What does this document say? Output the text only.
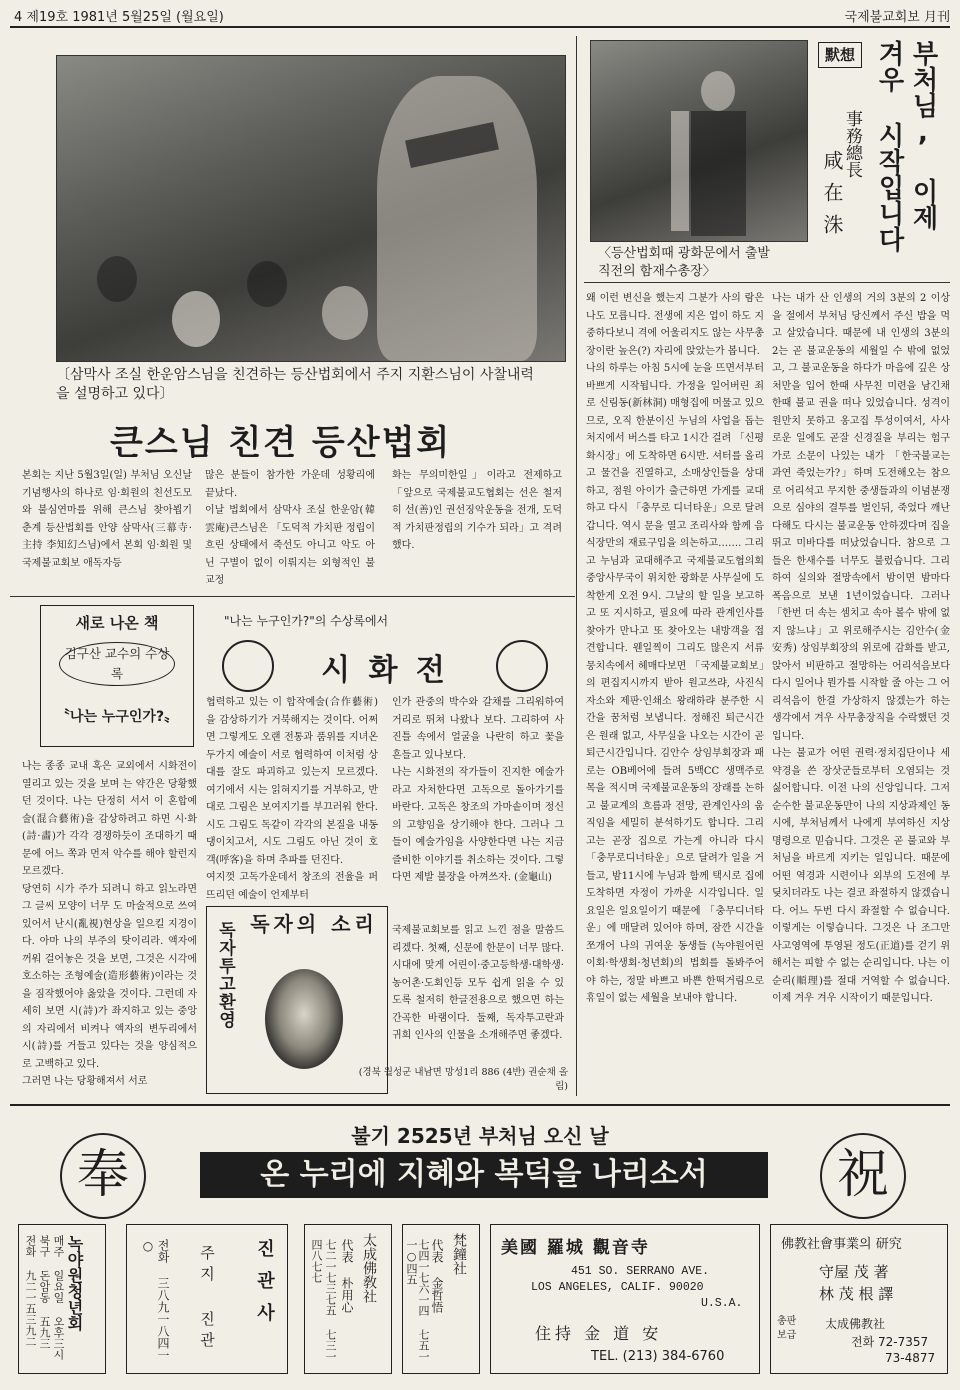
4 제19호 1981년 5월25일 (월요일)	국제불교회보 月刊
〔삼막사 조실 한운암스님을 친견하는 등산법회에서 주지 지환스님이 사찰내력을 설명하고 있다〕
큰스님 친견 등산법회
본회는 지난 5월3일(일) 부처님 오신날 기념행사의 하나로 임·회원의 친선도모와 불심연마를 위해 큰스님 찾아뵙기 춘계 등산법회를 안양 삼막사(三幕寺·主持 李知幻스님)에서 본회 임·회원 및 국제불교회보 애독자등
많은 분들이 참가한 가운데 성황리에 끝났다.
이날 법회에서 삼막사 조실 한운암(韓雲庵)큰스님은 「도덕적 가치판 정립이 흐린 상태에서 죽선도 아니고 악도 아닌 구별이 없이 이뤄지는 외형적인 불교정
화는 무의미한일」이라고 전제하고 「앞으로 국제불교도협회는 선은 철저히 선(善)인 권선징악운동을 전개, 도덕적 가치판정립의 기수가 되라」고 격려했다.
〈등산법회때 광화문에서 출발직전의 함재수총장〉
默想	부처님, 이제 겨우 시작입니다
事務總長
咸在洙
왜 이런 변신을 했는지 그분가 사의 람은 나도 모릅니다. 전생에 지은 업이 하도 지중하다보니 격에 어울리지도 않는 사무총장이란 높은(?) 자리에 앉았는가 봅니다.
나의 하루는 아침 5시에 눈을 뜨면서부터 바쁘게 시작됩니다. 가정을 일어버린 죄로 신림동(新林洞) 매형집에 머물고 있으므로, 오직 한분이신 누님의 사업을 돕는 처지에서 버스를 타고 1시간 걸려 「신평화시장」에 도착하면 6시반. 셔터를 올리고 물건을 진열하고, 소매상인들을 상대하고, 점원 아이가 출근하면 가게를 교대하고 다시 「충무로 디너타운」으로 달려갑니다. 역시 문을 열고 조리사와 함께 음식장만의 재료구입을 의논하고……. 그리고 누님과 교대해주고 국제불교도협의회 중앙사무국이 위치한 광화문 사무실에 도착한게 오전 9시. 그날의 할 일을 보고하고 또 지시하고, 필요에 따라 관계인사를 찾아가 만나고 또 찾아오는 내방객을 접견합니다. 웬일찍이 그리도 많은지 서류뭉치속에서 헤매다보면 「국제불교회보」의 편집지시까지 받아 원고쓰랴, 사진식자소와 제판·인쇄소 왕래하랴 분주한 시간을 꿈처럼 보냅니다. 정해진 퇴근시간은 원래 없고, 사무실을 나오는 시간이 곧 퇴근시간입니다. 김안수 상임부회장과 패로는 OB베어에 들려 5백CC 생맥주로 목을 적시며 국제불교운동의 장래를 논하고 불교계의 흐름과 전망, 관계인사의 움직임을 세밀히 분석하기도 합니다. 그리고는 곧장 집으로 가는게 아니라 다시 「충무로디너타운」으로 달려가 일을 거들고, 밤11시에 누님과 함께 택시로 집에 도착하면 자정이 가까운 시각입니다. 일요일은 일요일이기 때문에 「충무디너타운」에 매달려 있어야 하며, 잠깐 시간을 쪼개어 나의 귀여운 동생들 (녹야원어린이회·학생회·청년회)의 법회를 돌봐주어야 하는, 정말 바쁘고 바쁜 한떡거림으로 휴일이 없는 세월을 보내야 합니다.
나는 내가 산 인생의 거의 3분의 2 이상을 절에서 부처님 당신께서 주신 밥을 먹고 살았습니다. 때문에 내 인생의 3분의 2는 곧 불교운동의 세월일 수 밖에 없었고, 그 불교운동을 하다가 마음에 깊은 상처만을 입어 한때 사무친 미련을 남긴채 한때 불교 권을 떠나 있었습니다. 성격이원만치 못하고 옹고집 투성이여서, 사사로운 일에도 곧잘 신경질을 부리는 험구가로 소문이 나있는 내가 「한국불교는 과연 죽었는가?」하며 도전해오는 참으로 어리석고 무지한 중생들과의 이념분쟁으로 심야의 결투를 벌인뒤, 죽었다 깨난다해도 다시는 불교운동 안하겠다며 집을 뛰고 미바다를 떠났었습니다. 참으로 그들은 한새수를 너무도 불렀습니다. 그리하여 실의와 절망속에서 밤이면 밤마다 폭음으로 보낸 1년이었습니다. 그러나 「한번 더 속는 셈치고 속아 볼수 밖에 없지 않느냐」고 위로해주시는 김안수(金安秀) 상임부회장의 위로에 감화를 받고, 앉아서 비판하고 절망하는 어리석음보다 다시 일어나 뭔가를 시작할 줄 아는 그 어리석음이 한결 가상하지 않겠는가 하는 생각에서 겨우 사무총장직을 수락했던 것입니다.
나는 불교가 어떤 권력·정치집단이나 세약경을 쓴 장삿군들로부터 오염되는 것 싫어합니다. 이전 나의 신앙입니다. 그저 순수한 불교운동만이 나의 지상과제인 동시에, 부처님께서 나에게 부여하신 지상명령으로 믿습니다. 그것은 곧 불교와 부처님을 바르게 지키는 일입니다. 때문에 어떤 역경과 시련이나 외부의 도전에 부딪치더라도 나는 결코 좌절하지 않겠습니다. 어느 두번 다시 좌절할 수 없습니다. 이렇게는 이렇습니다. 그것은 나 조그만 사고영역에 투영된 정도(正道)를 걷기 위해서는 피할 수 없는 순리입니다. 나는 이 순리(順理)를 절대 거역할 수 없습니다. 이제 겨우 겨우 시작이기 때문입니다.
새로 나온 책
김구산 교수의 수상록
〝나는 누구인가?〟
나는 종종 교내 혹은 교외에서 시화전이 열리고 있는 것을 보며 는 약간은 당황했던 것이다. 나는 단정히 서서 이 혼합예술(混合藝術)을 감상하려고 하면 시·화(詩·畵)가 각각 경쟁하듯이 조대하기 때문에 어느 쪽과 먼저 악수를 해야 할런지 모르겠다.
당연히 시가 주가 되려니 하고 읽노라면 그 글씨 모양이 너무 도 마술적으로 쓰여 있어서 난시(亂視)현상을 일으킬 지경이다. 아마 나의 부주의 탓이리라. 액자에 꺼워 걸어놓은 것을 보면, 그것은 시각에 호소하는 조형예술(造形藝術)이라는 것을 짐작했어야 옳았을 것이다. 그런데 자세히 보면 시(詩)가 좌지하고 있는 중앙의 자리에서 비켜나 액자의 변두리에서 시(詩)를 거들고 있다는 것을 양심적으로 고백하고 있다.
그러면 나는 당황해져서 서로
"나는 누구인가?"의 수상록에서
시 화 전
협력하고 있는 이 합작예술(合作藝術)을 감상하기가 거북해지는 것이다. 어쩌면 그렇게도 오랜 전통과 품위를 지녀온 두가지 예술이 서로 협력하여 이처럼 상대를 잘도 파괴하고 있는지 모르겠다. 여기에서 시는 읽혀지기를 거부하고, 반대로 그림은 보여지기를 부끄러워 한다. 시도 그림도 독같이 각각의 본질을 내동댕이치고서, 시도 그림도 아닌 것이 호객(呼客)을 하며 추파를 던진다.
여지껏 고독가운데서 창조의 전율을 퍼뜨리던 예술이 언제부터
인가 관중의 박수와 갈채를 그리워하여 거리로 뛰쳐 나왔나 보다. 그리하여 사진틀 속에서 얼굴을 나란히 하고 꽃을 흔들고 있나보다.
나는 시화전의 작가들이 진지한 예술가라고 자처한다면 고독으로 돌아가기를 바란다. 고독은 창조의 가마솥이며 정신의 고향임을 상기해야 한다. 그러나 그들이 예술가임을 사양한다면 나는 지금 즐비한 이야기를 취소하는 것이다. 그렇다면 제발 불장을 아껴쓰자. (金龜山)
독자투고환영 독자의 소리	국제불교회보를 읽고 느낀 점을 말씀드리겠다. 첫째, 신문에 한문이 너무 많다. 시대에 맞게 어린이·중고등학생·대학생·농어촌·도회인등 모두 쉽게 읽을 수 있도록 철저히 한글전용으로 했으면 하는 간곡한 바램이다. 둘째, 독자투고란과 귀희 인사의 인물을 소개해주면 좋겠다.
(경북 월성군 내남면 망성1리 886 (4반) 권순채 올림)
奉	祝
불기 2525년 부처님 오신 날
온 누리에 지혜와 복덕을 나리소서
녹야원청년회
매주 일요일 오후三시 북구 돈암동 五九三 전화 九二一五三九二	진관사
주지 진관
전화 三八九一八四一○	太成佛敎社
代表 朴用心
七二一七三七五 七三一四八七七	梵鐘社
代表 金哲悟
七四一七六一四 七五一一○四五	美國 羅城 觀音寺
451 SO. SERRANO AVE.
LOS ANGELES, CALIF. 90020
U.S.A.
住持 金 道 安
TEL. (213) 384-6760
佛教社會事業의 研究
守屋 茂 著
林 茂 根 譯
총판 보급
太成佛教社
전화 72-7357
73-4877
